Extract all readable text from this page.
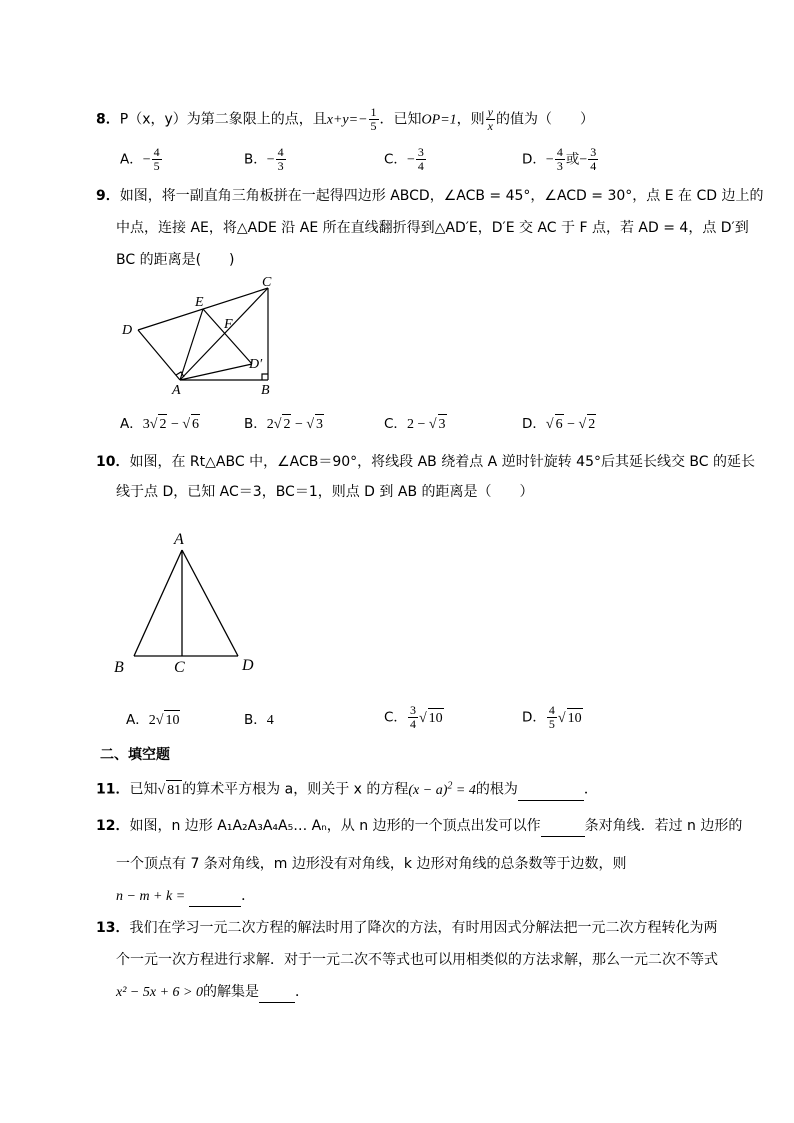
8．P（x，y）为第二象限上的点，且$x+y=- \frac{1}{5}$ ．已知OP=1，则 $\frac{y}{x}$ 的值为（　　）
A．− $\frac{4}{5}$	B．− $\frac{4}{3}$	C．− $\frac{3}{4}$	D．− $\frac{4}{3}$ 或− $\frac{3}{4}$
9．如图，将一副直角三角板拼在一起得四边形 ABCD，∠ACB = 45°，∠ACD = 30°，点 E 在 CD 边上的
中点，连接 AE，将△ADE 沿 AE 所在直线翻折得到△AD′E，D′E 交 AC 于 F 点，若 AD = 4，点 D′到
BC 的距离是(　　)
D
E
C
F
D′
A	B
A．3√ 2 − √ 6	B．2√ 2 − √ 3	C．2 − √ 3	D．√ 6 − √ 2
10．如图，在 Rt△ABC 中，∠ACB＝90°，将线段 AB 绕着点 A 逆时针旋转 45°后其延长线交 BC 的延长
线于点 D，已知 AC＝3，BC＝1，则点 D 到 AB 的距离是（　　）
A
B	C	D
A．2√ 10	B．4	C． $\frac{3}{4}$ √ 10	D． $\frac{4}{5}$ √ 10
二、填空题
11．已知√ 81的算术平方根为 a，则关于 x 的方程$(x - a)^2 = 4$的根为	．
12．如图，n 边形 A₁A₂A₃A₄A₅… Aₙ，从 n 边形的一个顶点出发可以作	条对角线．若过 n 边形的
一个顶点有 7 条对角线，m 边形没有对角线，k 边形对角线的总条数等于边数，则
n − m + k =	．
13．我们在学习一元二次方程的解法时用了降次的方法，有时用因式分解法把一元二次方程转化为两
个一元一次方程进行求解．对于一元二次不等式也可以用相类似的方法求解，那么一元二次不等式
x² − 5x + 6 > 0的解集是	．
